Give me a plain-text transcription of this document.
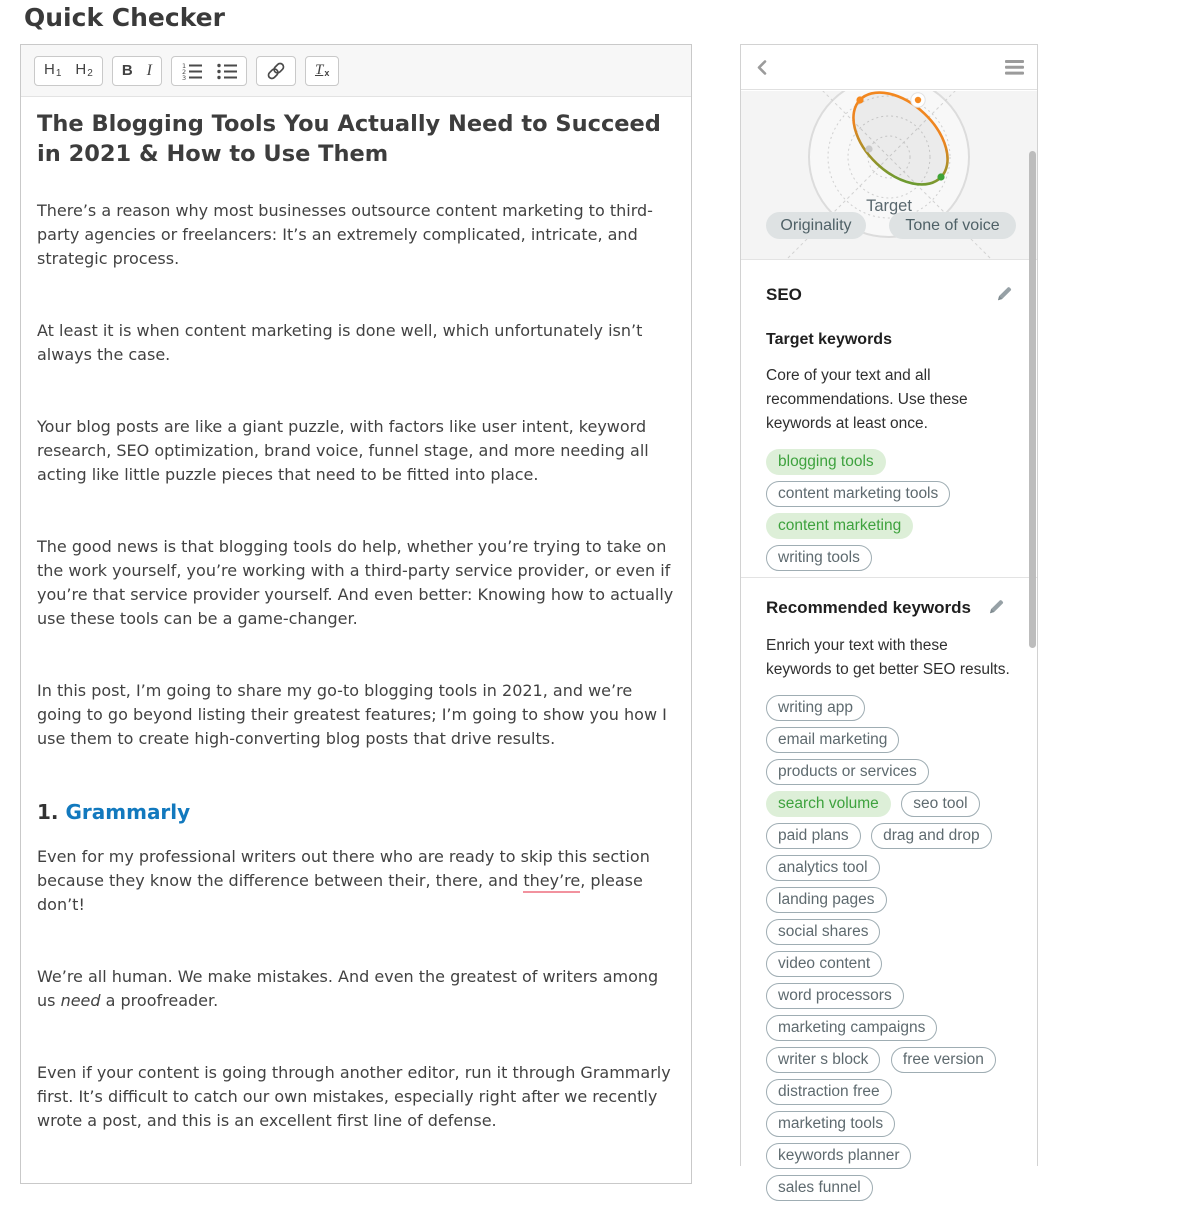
Quick Checker
H 1 H 2 B I	1
2
3	T x
The Blogging Tools You Actually Need to Succeed in 2021 & How to Use Them

There’s a reason why most businesses outsource content marketing to third-party agencies or freelancers: It’s an extremely complicated, intricate, and strategic process.

At least it is when content marketing is done well, which unfortunately isn’t always the case.

Your blog posts are like a giant puzzle, with factors like user intent, keyword research, SEO optimization, brand voice, funnel stage, and more needing all acting like little puzzle pieces that need to be fitted into place.

The good news is that blogging tools do help, whether you’re trying to take on the work yourself, you’re working with a third-party service provider, or even if you’re that service provider yourself. And even better: Knowing how to actually use these tools can be a game-changer.

In this post, I’m going to share my go-to blogging tools in 2021, and we’re going to go beyond listing their greatest features; I’m going to show you how I use them to create high-converting blog posts that drive results.

1. Grammarly

Even for my professional writers out there who are ready to skip this section because they know the difference between their, there, and they’re, please don’t!

We’re all human. We make mistakes. And even the greatest of writers among us need a proofreader.

Even if your content is going through another editor, run it through Grammarly first. It’s difficult to catch our own mistakes, especially right after we recently wrote a post, and this is an excellent first line of defense.

Target
Originality	Tone of voice
SEO
Target keywords
Core of your text and all recommendations. Use these keywords at least once.
blogging tools
content marketing tools
content marketing
writing tools
Recommended keywords
Enrich your text with these keywords to get better SEO results.
writing app
email marketing
products or services
search volume seo tool
paid plans drag and drop
analytics tool
landing pages
social shares
video content
word processors
marketing campaigns
writer s block free version
distraction free
marketing tools
keywords planner
sales funnel
